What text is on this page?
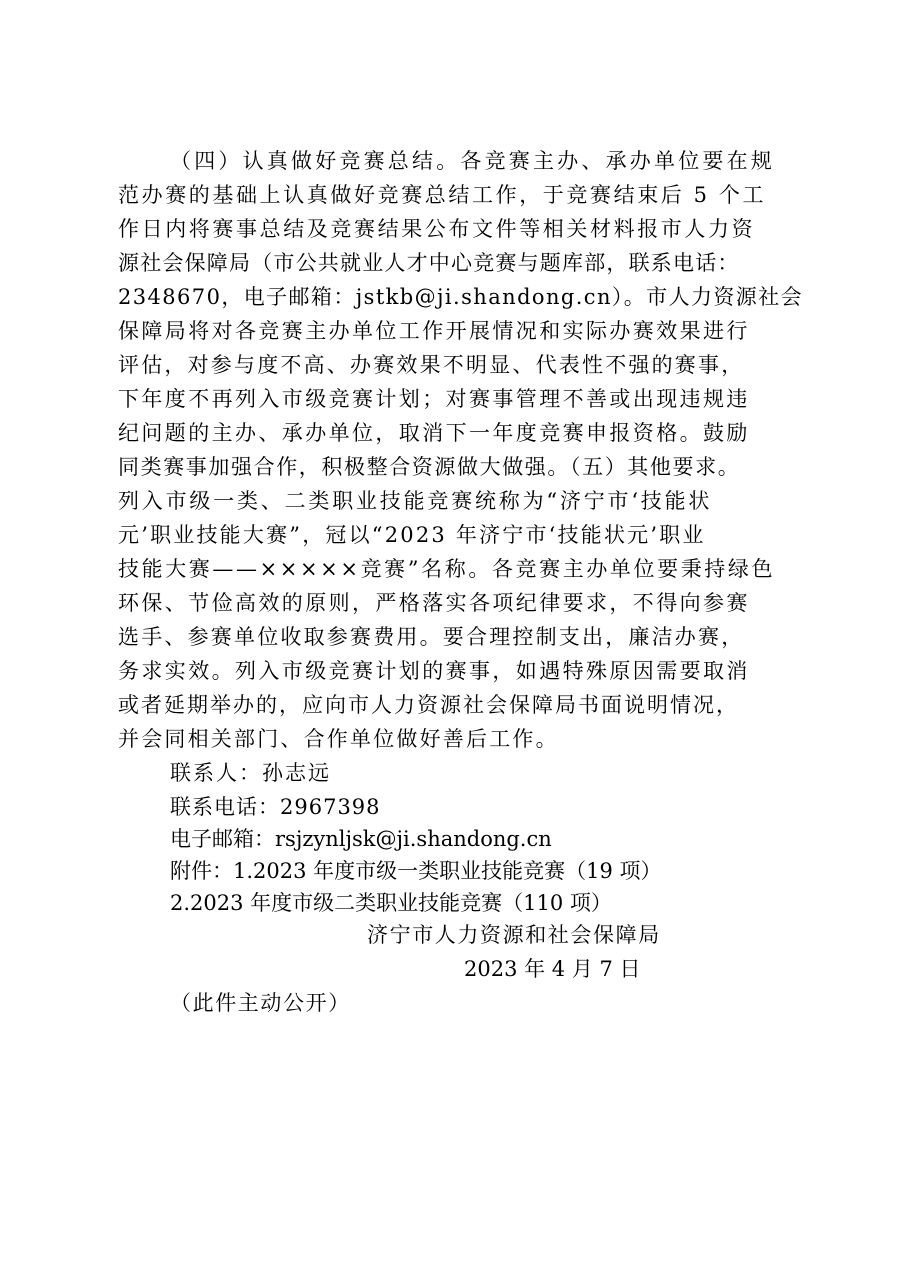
（四）认真做好竞赛总结。各竞赛主办、承办单位要在规
范办赛的基础上认真做好竞赛总结工作，于竞赛结束后 5 个工
作日内将赛事总结及竞赛结果公布文件等相关材料报市人力资
源社会保障局（市公共就业人才中心竞赛与题库部，联系电话：
2348670，电子邮箱：jstkb@ji.shandong.cn）。市人力资源社会
保障局将对各竞赛主办单位工作开展情况和实际办赛效果进行
评估，对参与度不高、办赛效果不明显、代表性不强的赛事，
下年度不再列入市级竞赛计划；对赛事管理不善或出现违规违
纪问题的主办、承办单位，取消下一年度竞赛申报资格。鼓励
同类赛事加强合作，积极整合资源做大做强。（五）其他要求。
列入市级一类、二类职业技能竞赛统称为“济宁市‘技能状
元’职业技能大赛”，冠以“2023 年济宁市‘技能状元’职业
技能大赛——×××××竞赛”名称。各竞赛主办单位要秉持绿色
环保、节俭高效的原则，严格落实各项纪律要求，不得向参赛
选手、参赛单位收取参赛费用。要合理控制支出，廉洁办赛，
务求实效。列入市级竞赛计划的赛事，如遇特殊原因需要取消
或者延期举办的，应向市人力资源社会保障局书面说明情况，
并会同相关部门、合作单位做好善后工作。
联系人：孙志远
联系电话：2967398
电子邮箱：rsjzynljsk@ji.shandong.cn
附件：1.2023 年度市级一类职业技能竞赛（19 项）
2.2023 年度市级二类职业技能竞赛（110 项）
济宁市人力资源和社会保障局
2023 年 4 月 7 日
（此件主动公开）
